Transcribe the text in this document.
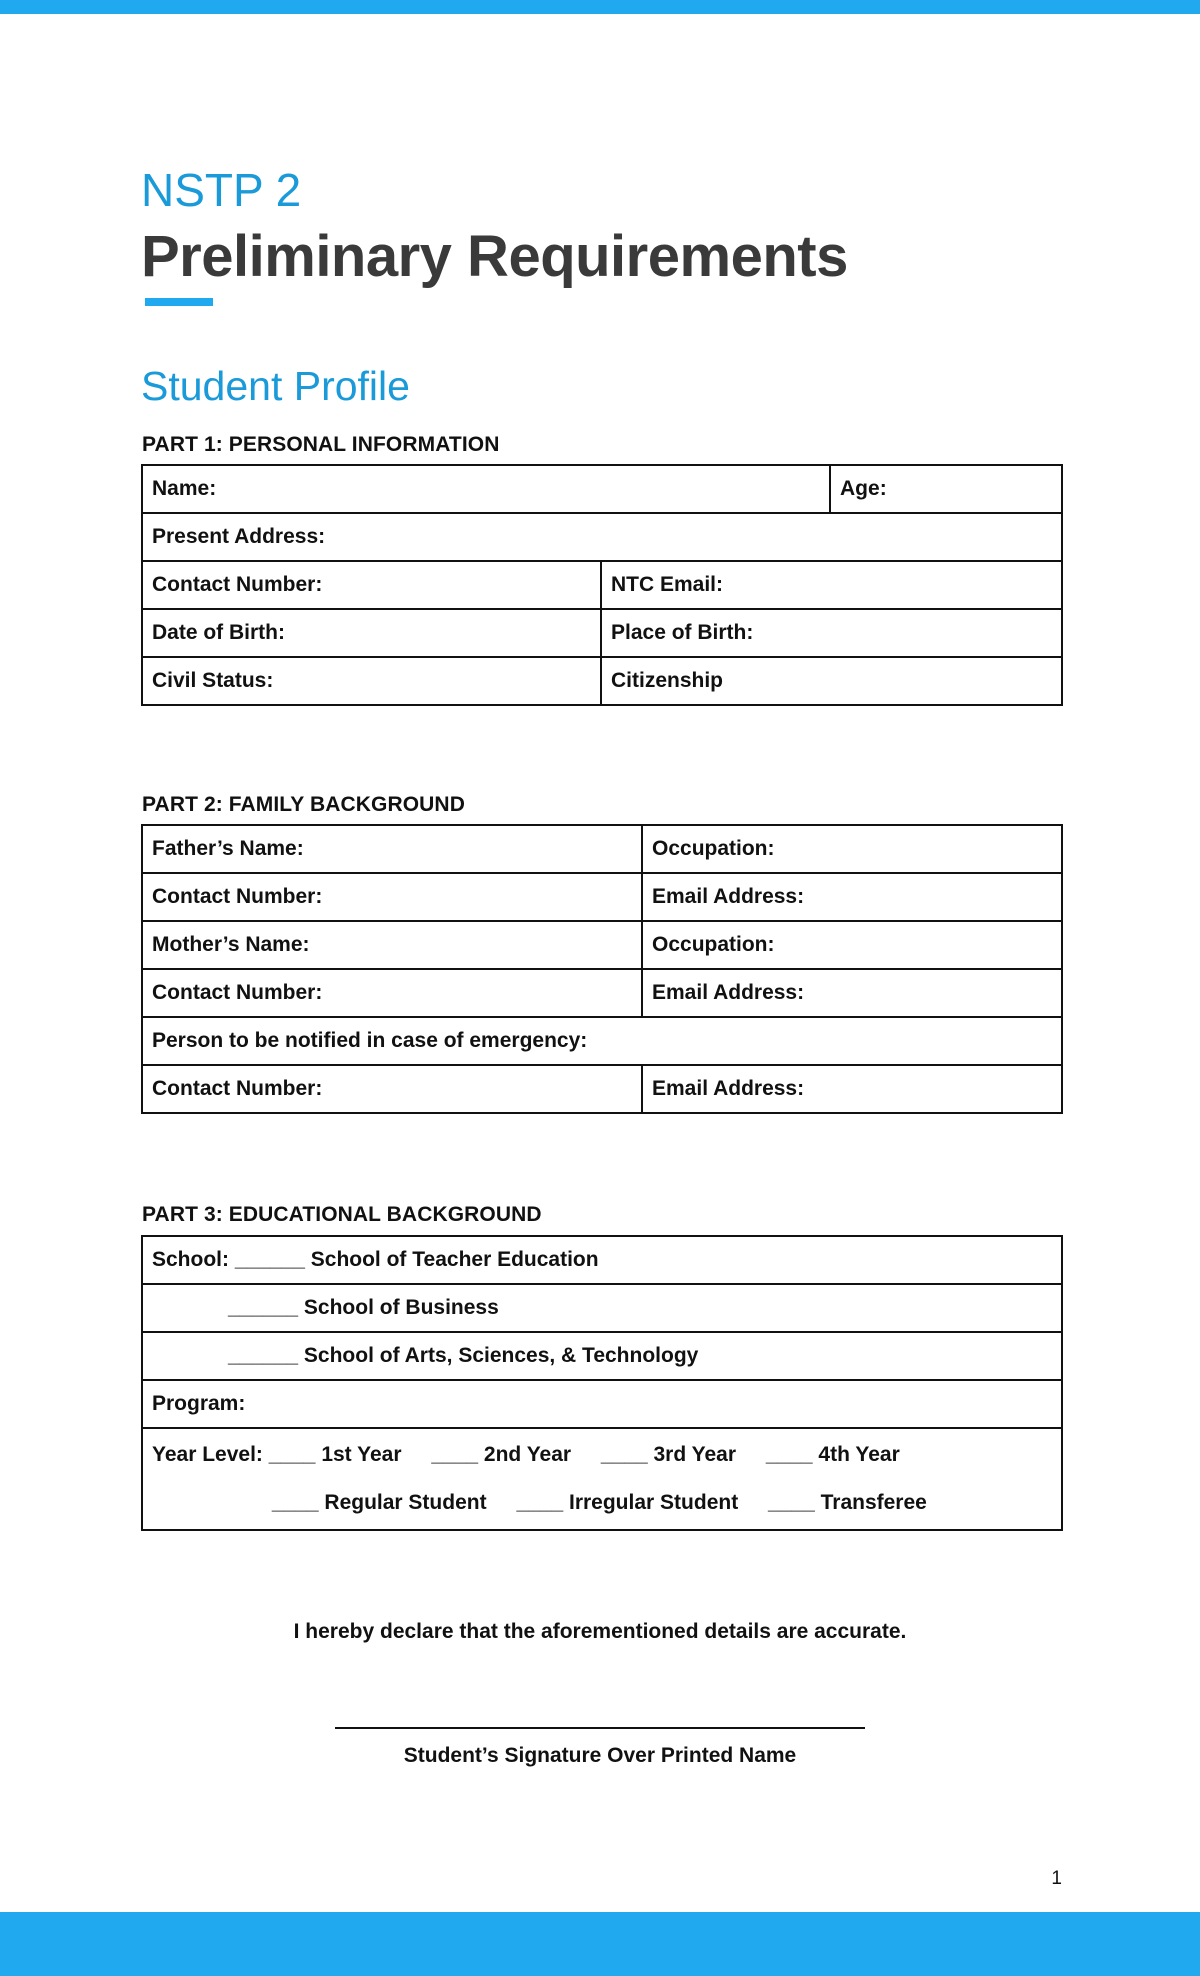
NSTP 2
Preliminary Requirements
Student Profile
PART 1: PERSONAL INFORMATION
Name:		Age:
Present Address:		
Contact Number:	NTC Email:	
Date of Birth:	Place of Birth:	
Civil Status:	Citizenship	
PART 2: FAMILY BACKGROUND
Father’s Name:	Occupation:
Contact Number:	Email Address:
Mother’s Name:	Occupation:
Contact Number:	Email Address:
Person to be notified in case of emergency:	
Contact Number:	Email Address:
PART 3: EDUCATIONAL BACKGROUND
School: ______ School of Teacher Education
______ School of Business
______ School of Arts, Sciences, & Technology
Program:

Year Level: ____ 1st Year ____ 2nd Year ____ 3rd Year ____ 4th Year
____ Regular Student ____ Irregular Student ____ Transferee
I hereby declare that the aforementioned details are accurate.
Student’s Signature Over Printed Name
1
